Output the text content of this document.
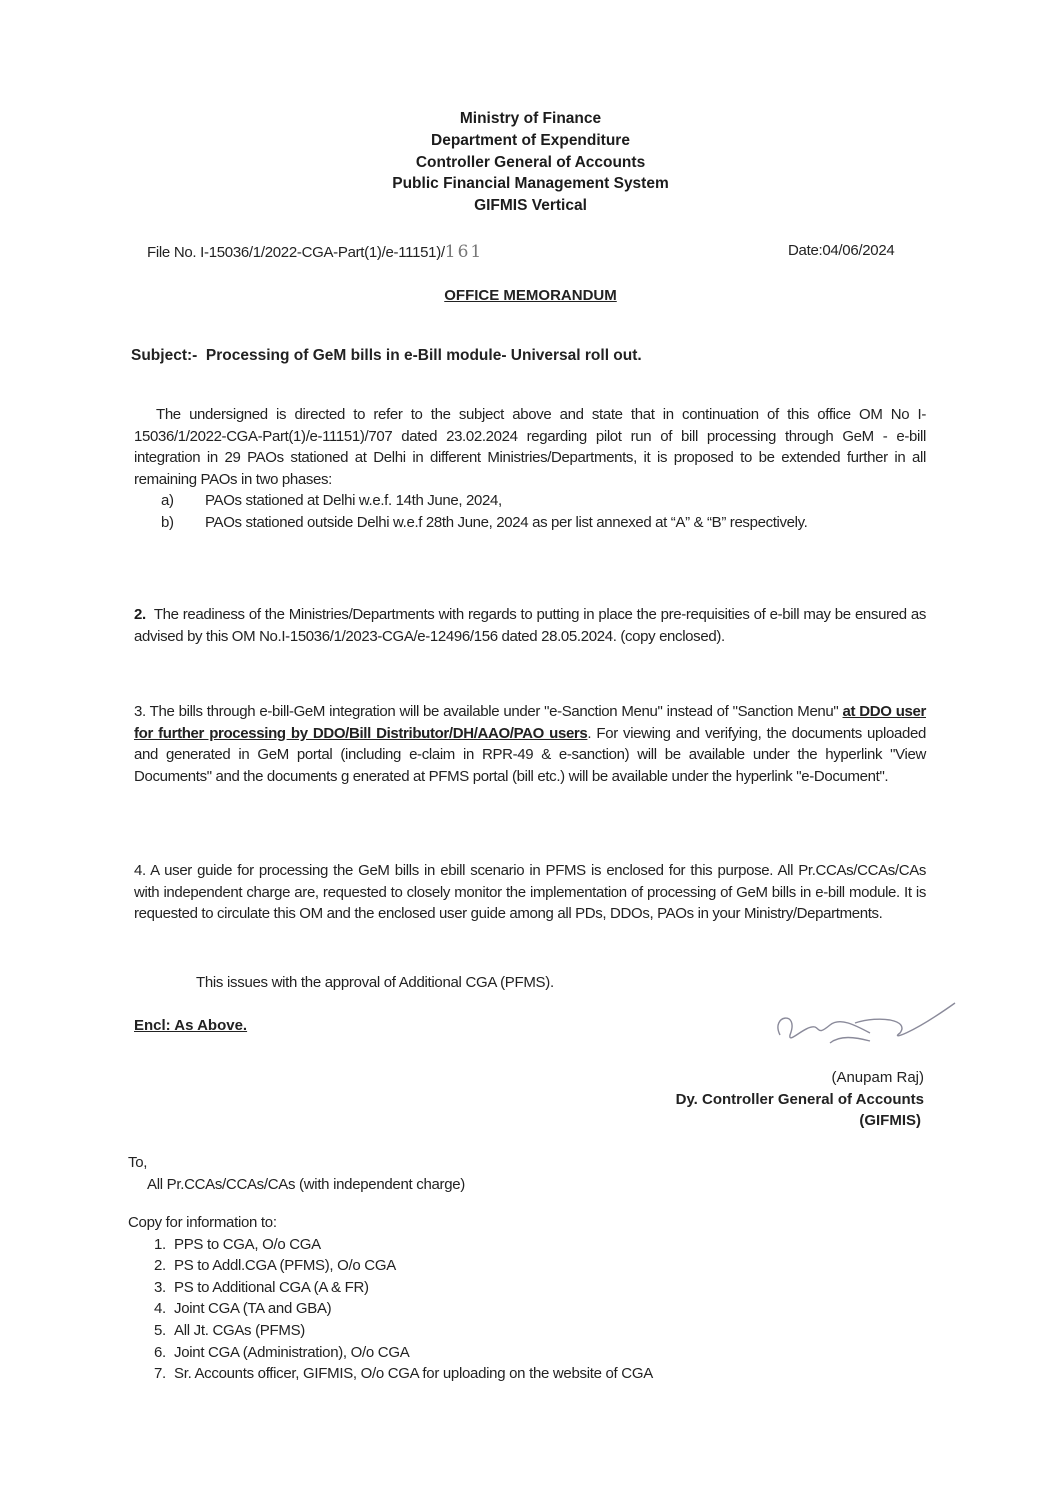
Ministry of Finance
Department of Expenditure
Controller General of Accounts
Public Financial Management System
GIFMIS Vertical
File No. I-15036/1/2022-CGA-Part(1)/e-11151)/161	Date:04/06/2024
OFFICE MEMORANDUM
Subject:-  Processing of GeM bills in e-Bill module- Universal roll out.

The undersigned is directed to refer to the subject above and state that in continuation of this office OM No I-15036/1/2022-CGA-Part(1)/e-11151)/707 dated 23.02.2024 regarding pilot run of bill processing through GeM - e-bill integration in 29 PAOs stationed at Delhi in different Ministries/Departments, it is proposed to be extended further in all remaining PAOs in two phases:

a) PAOs stationed at Delhi w.e.f. 14th June, 2024,
b) PAOs stationed outside Delhi w.e.f 28th June, 2024 as per list annexed at “A” & “B” respectively.
2. The readiness of the Ministries/Departments with regards to putting in place the pre-requisities of e-bill may be ensured as advised by this OM No.I-15036/1/2023-CGA/e-12496/156 dated 28.05.2024. (copy enclosed).
3. The bills through e-bill-GeM integration will be available under "e-Sanction Menu" instead of "Sanction Menu" at DDO user for further processing by DDO/Bill Distributor/DH/AAO/PAO users. For viewing and verifying, the documents uploaded and generated in GeM portal (including e-claim in RPR-49 & e-sanction) will be available under the hyperlink "View Documents" and the documents g enerated at PFMS portal (bill etc.) will be available under the hyperlink "e-Document".
4. A user guide for processing the GeM bills in ebill scenario in PFMS is enclosed for this purpose. All Pr.CCAs/CCAs/CAs with independent charge are, requested to closely monitor the implementation of processing of GeM bills in e-bill module. It is requested to circulate this OM and the enclosed user guide among all PDs, DDOs, PAOs in your Ministry/Departments.
This issues with the approval of Additional CGA (PFMS).
Encl: As Above.
(Anupam Raj)
Dy. Controller General of Accounts
(GIFMIS)
To,
All Pr.CCAs/CCAs/CAs (with independent charge)
Copy for information to:
1. PPS to CGA, O/o CGA
2. PS to Addl.CGA (PFMS), O/o CGA
3. PS to Additional CGA (A & FR)
4. Joint CGA (TA and GBA)
5. All Jt. CGAs (PFMS)
6. Joint CGA (Administration), O/o CGA
7. Sr. Accounts officer, GIFMIS, O/o CGA for uploading on the website of CGA
